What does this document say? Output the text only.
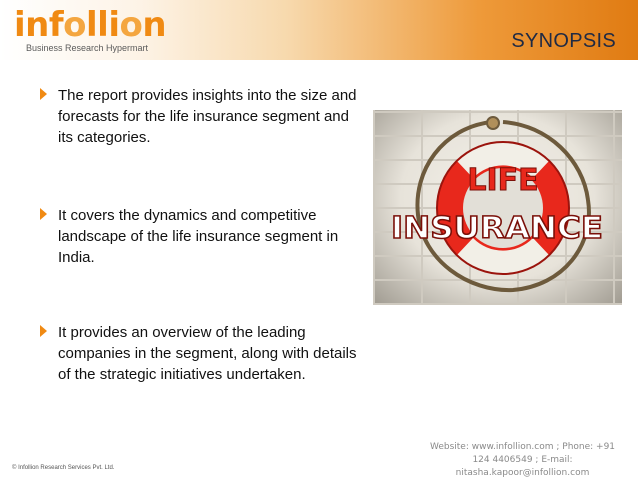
infollion
Business Research Hypermart	SYNOPSIS
The report provides insights into the size and forecasts for the life insurance segment and its categories.
It covers the dynamics and competitive landscape of the life insurance segment in India.
It provides an overview of the leading companies in the segment, along with details of the strategic initiatives undertaken.
LIFE
INSURANCE
© Infollion Research Services Pvt. Ltd.
Website: www.infollion.com ; Phone: +91 124 4406549 ; E-mail: nitasha.kapoor@infollion.com
